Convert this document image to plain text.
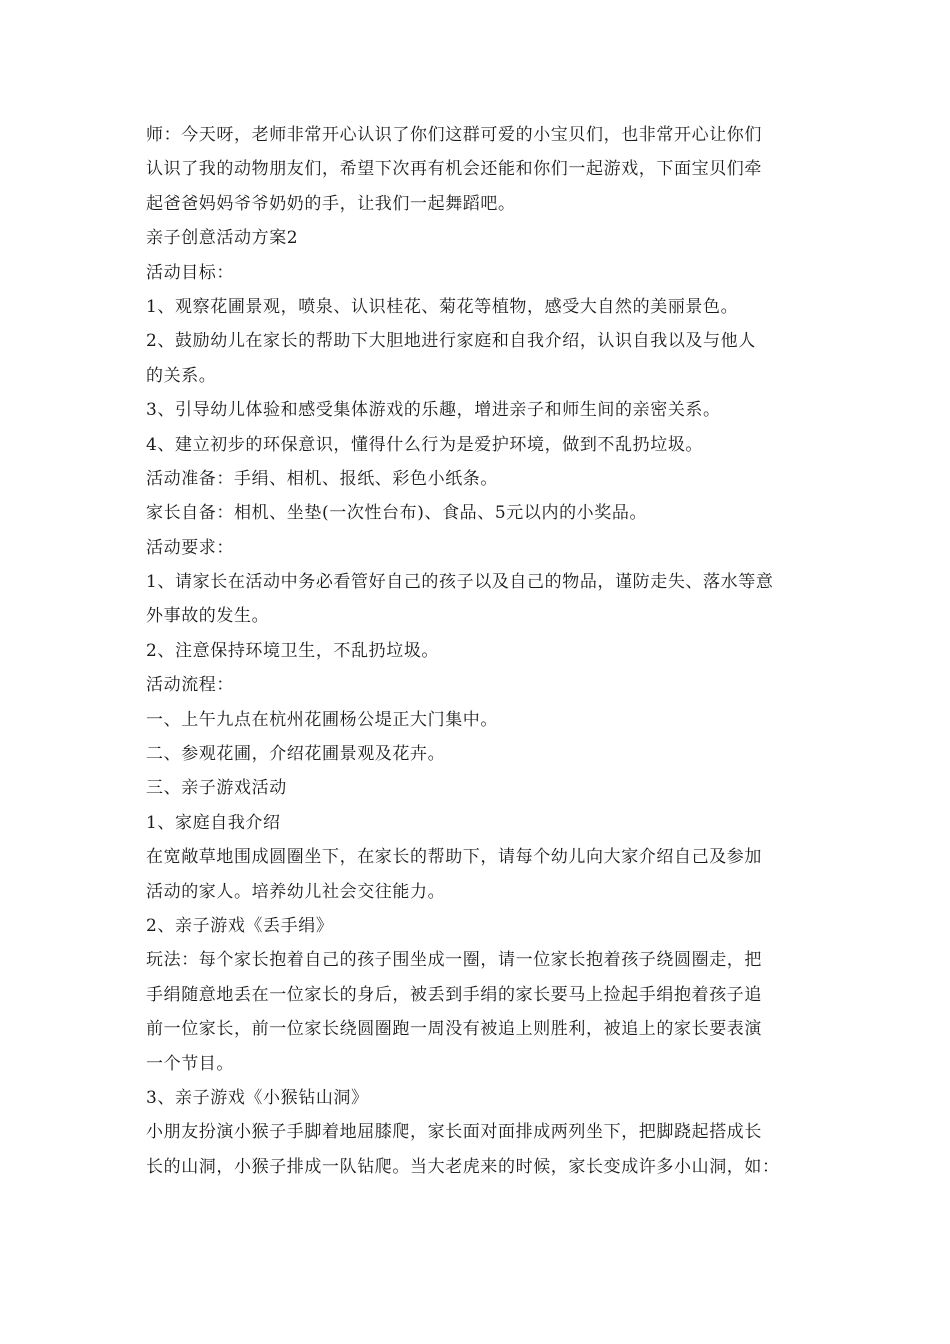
师：今天呀，老师非常开心认识了你们这群可爱的小宝贝们，也非常开心让你们
认识了我的动物朋友们，希望下次再有机会还能和你们一起游戏，下面宝贝们牵
起爸爸妈妈爷爷奶奶的手，让我们一起舞蹈吧。
亲子创意活动方案2
活动目标：
1、观察花圃景观，喷泉、认识桂花、菊花等植物，感受大自然的美丽景色。
2、鼓励幼儿在家长的帮助下大胆地进行家庭和自我介绍，认识自我以及与他人
的关系。
3、引导幼儿体验和感受集体游戏的乐趣，增进亲子和师生间的亲密关系。
4、建立初步的环保意识，懂得什么行为是爱护环境，做到不乱扔垃圾。
活动准备：手绢、相机、报纸、彩色小纸条。
家长自备：相机、坐垫(一次性台布)、食品、5元以内的小奖品。
活动要求：
1、请家长在活动中务必看管好自己的孩子以及自己的物品，谨防走失、落水等意
外事故的发生。
2、注意保持环境卫生，不乱扔垃圾。
活动流程：
一、上午九点在杭州花圃杨公堤正大门集中。
二、参观花圃，介绍花圃景观及花卉。
三、亲子游戏活动
1、家庭自我介绍
在宽敞草地围成圆圈坐下，在家长的帮助下，请每个幼儿向大家介绍自己及参加
活动的家人。培养幼儿社会交往能力。
2、亲子游戏《丢手绢》
玩法：每个家长抱着自己的孩子围坐成一圈，请一位家长抱着孩子绕圆圈走，把
手绢随意地丢在一位家长的身后，被丢到手绢的家长要马上捡起手绢抱着孩子追
前一位家长，前一位家长绕圆圈跑一周没有被追上则胜利，被追上的家长要表演
一个节目。
3、亲子游戏《小猴钻山洞》
小朋友扮演小猴子手脚着地屈膝爬，家长面对面排成两列坐下，把脚跷起搭成长
长的山洞，小猴子排成一队钻爬。当大老虎来的时候，家长变成许多小山洞，如：
